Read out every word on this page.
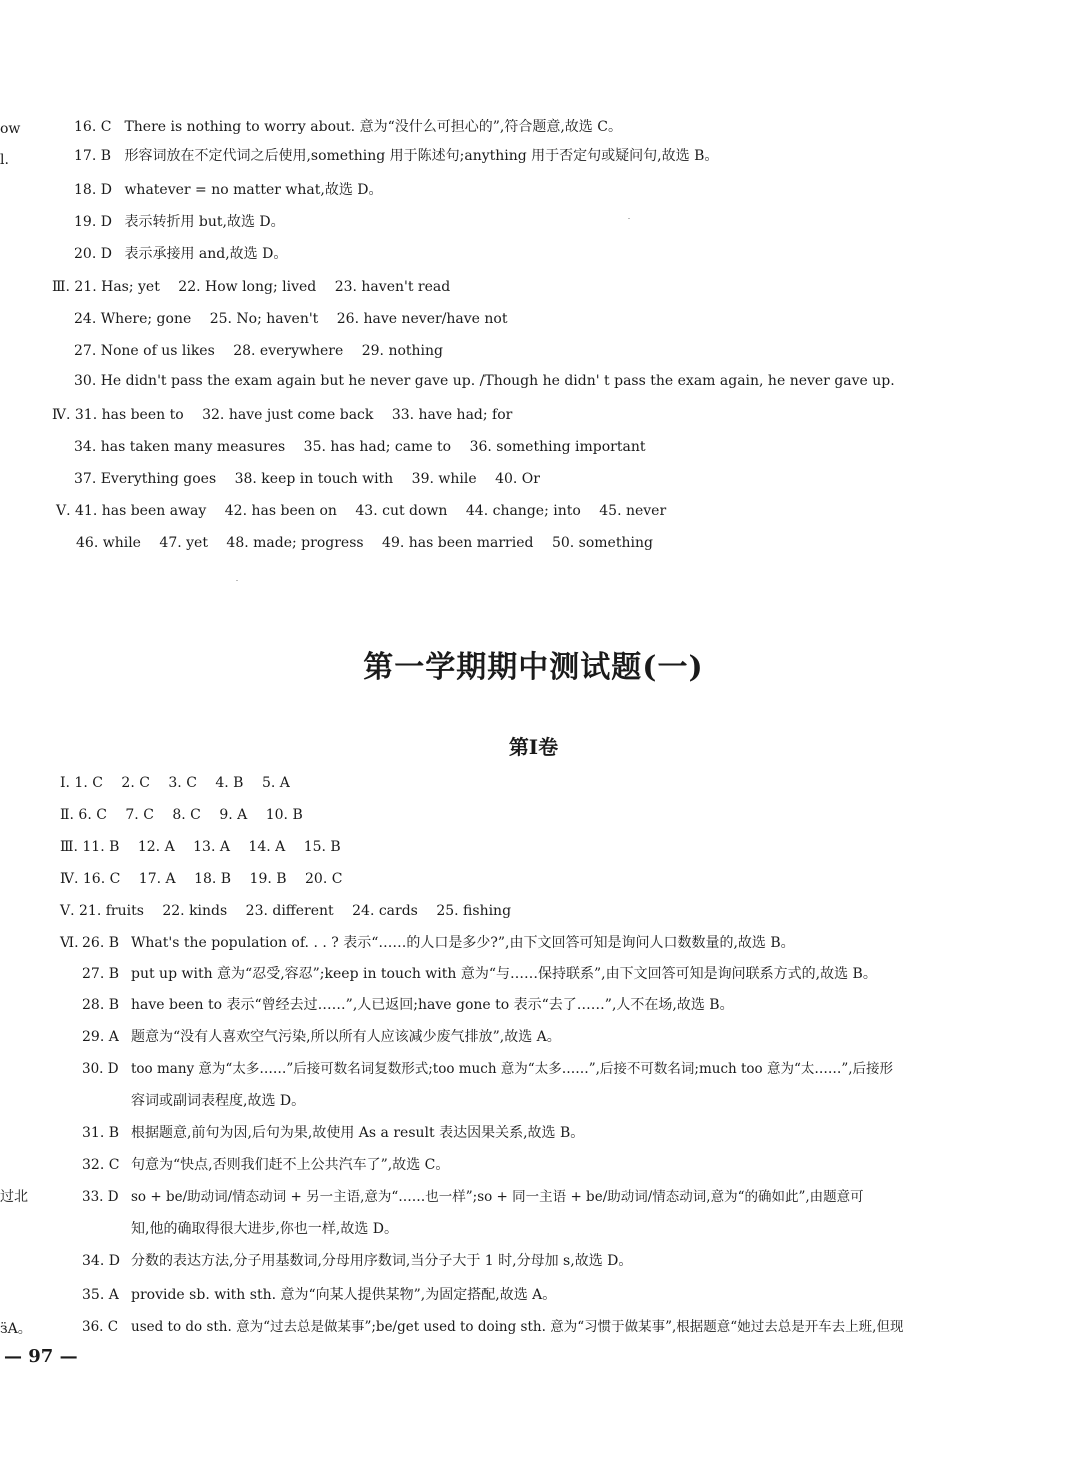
ow
l.
过北
ӟA。
16. C There is nothing to worry about. 意为“没什么可担心的”,符合题意,故选 C。
17. B 形容词放在不定代词之后使用,something 用于陈述句;anything 用于否定句或疑问句,故选 B。
18. D whatever = no matter what,故选 D。
19. D 表示转折用 but,故选 D。
20. D 表示承接用 and,故选 D。
Ⅲ. 21. Has; yet 22. How long; lived 23. haven't read
24. Where; gone 25. No; haven't 26. have never/have not
27. None of us likes 28. everywhere 29. nothing
30. He didn't pass the exam again but he never gave up. /Though he didn' t pass the exam again, he never gave up.
Ⅳ. 31. has been to 32. have just come back 33. have had; for
34. has taken many measures 35. has had; came to 36. something important
37. Everything goes 38. keep in touch with 39. while 40. Or
Ⅴ. 41. has been away 42. has been on 43. cut down 44. change; into 45. never
46. while 47. yet 48. made; progress 49. has been married 50. something
第一学期期中测试题(一)
第Ⅰ卷
Ⅰ. 1. C 2. C 3. C 4. B 5. A
Ⅱ. 6. C 7. C 8. C 9. A 10. B
Ⅲ. 11. B 12. A 13. A 14. A 15. B
Ⅳ. 16. C 17. A 18. B 19. B 20. C
Ⅴ. 21. fruits 22. kinds 23. different 24. cards 25. fishing
Ⅵ. 26. B What's the population of. . . ? 表示“……的人口是多少?”,由下文回答可知是询问人口数数量的,故选 B。
27. B put up with 意为“忍受,容忍”;keep in touch with 意为“与……保持联系”,由下文回答可知是询问联系方式的,故选 B。
28. B have been to 表示“曾经去过……”,人已返回;have gone to 表示“去了……”,人不在场,故选 B。
29. A 题意为“没有人喜欢空气污染,所以所有人应该减少废气排放”,故选 A。
30. D too many 意为“太多……”后接可数名词复数形式;too much 意为“太多……”,后接不可数名词;much too 意为“太……”,后接形
容词或副词表程度,故选 D。
31. B 根据题意,前句为因,后句为果,故使用 As a result 表达因果关系,故选 B。
32. C 句意为“快点,否则我们赶不上公共汽车了”,故选 C。
33. D so + be/助动词/情态动词 + 另一主语,意为“……也一样”;so + 同一主语 + be/助动词/情态动词,意为“的确如此”,由题意可
知,他的确取得很大进步,你也一样,故选 D。
34. D 分数的表达方法,分子用基数词,分母用序数词,当分子大于 1 时,分母加 s,故选 D。
35. A provide sb. with sth. 意为“向某人提供某物”,为固定搭配,故选 A。
36. C used to do sth. 意为“过去总是做某事”;be/get used to doing sth. 意为“习惯于做某事”,根据题意“她过去总是开车去上班,但现
— 97 —
